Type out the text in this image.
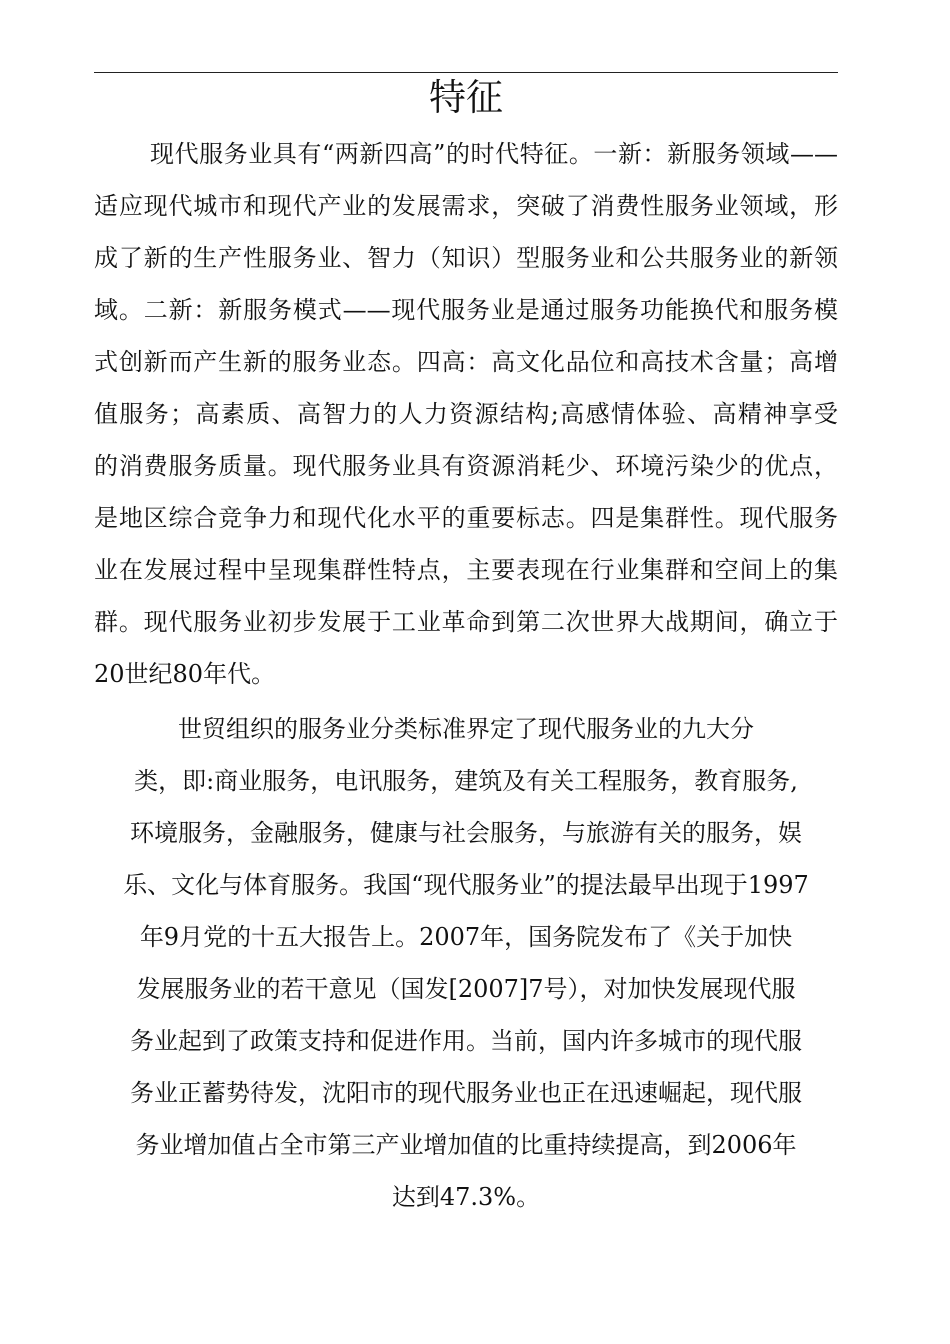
特征
现代服务业具有“两新四高”的时代特征。一新：新服务领域——
适应现代城市和现代产业的发展需求，突破了消费性服务业领域，形
成了新的生产性服务业、智力（知识）型服务业和公共服务业的新领
域。二新：新服务模式——现代服务业是通过服务功能换代和服务模
式创新而产生新的服务业态。四高：高文化品位和高技术含量；高增
值服务；高素质、高智力的人力资源结构;高感情体验、高精神享受
的消费服务质量。现代服务业具有资源消耗少、环境污染少的优点，
是地区综合竞争力和现代化水平的重要标志。四是集群性。现代服务
业在发展过程中呈现集群性特点，主要表现在行业集群和空间上的集
群。现代服务业初步发展于工业革命到第二次世界大战期间，确立于
20世纪80年代。
世贸组织的服务业分类标准界定了现代服务业的九大分
类，即:商业服务，电讯服务，建筑及有关工程服务，教育服务,
环境服务，金融服务，健康与社会服务，与旅游有关的服务，娱
乐、文化与体育服务。我国“现代服务业”的提法最早出现于1997
年9月党的十五大报告上。2007年，国务院发布了《关于加快
发展服务业的若干意见（国发[2007]7号），对加快发展现代服
务业起到了政策支持和促进作用。当前，国内许多城市的现代服
务业正蓄势待发，沈阳市的现代服务业也正在迅速崛起，现代服
务业增加值占全市第三产业增加值的比重持续提高，到2006年
达到47.3%。
